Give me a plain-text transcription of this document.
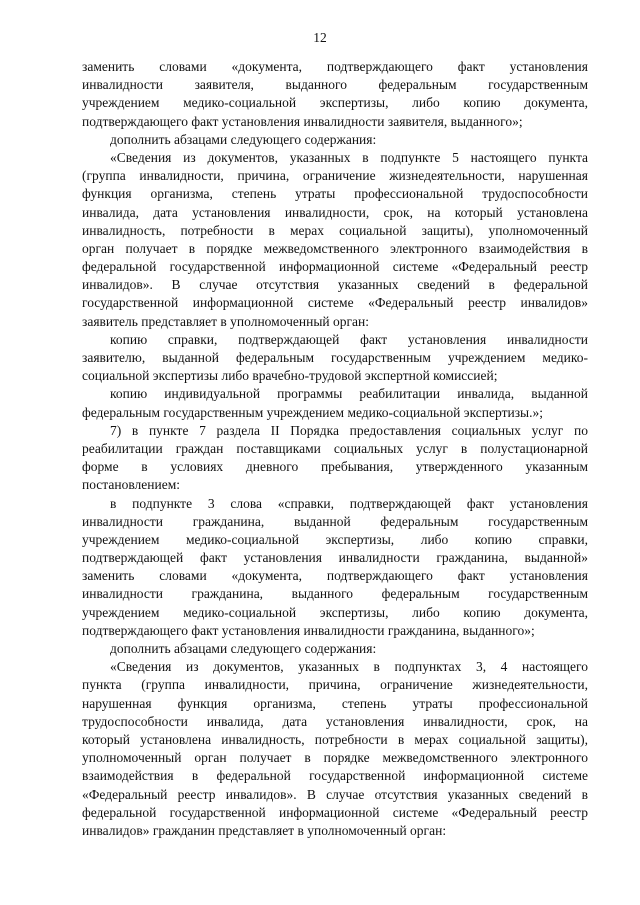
12
заменить словами «документа, подтверждающего факт установления
инвалидности заявителя, выданного федеральным государственным
учреждением медико-социальной экспертизы, либо копию документа,
подтверждающего факт установления инвалидности заявителя, выданного»;
дополнить абзацами следующего содержания:
«Сведения из документов, указанных в подпункте 5 настоящего пункта
(группа инвалидности, причина, ограничение жизнедеятельности, нарушенная
функция организма, степень утраты профессиональной трудоспособности
инвалида, дата установления инвалидности, срок, на который установлена
инвалидность, потребности в мерах социальной защиты), уполномоченный
орган получает в порядке межведомственного электронного взаимодействия в
федеральной государственной информационной системе «Федеральный реестр
инвалидов». В случае отсутствия указанных сведений в федеральной
государственной информационной системе «Федеральный реестр инвалидов»
заявитель представляет в уполномоченный орган:
копию справки, подтверждающей факт установления инвалидности
заявителю, выданной федеральным государственным учреждением медико-
социальной экспертизы либо врачебно-трудовой экспертной комиссией;
копию индивидуальной программы реабилитации инвалида, выданной
федеральным государственным учреждением медико-социальной экспертизы.»;
7) в пункте 7 раздела II Порядка предоставления социальных услуг по
реабилитации граждан поставщиками социальных услуг в полустационарной
форме в условиях дневного пребывания, утвержденного указанным
постановлением:
в подпункте 3 слова «справки, подтверждающей факт установления
инвалидности гражданина, выданной федеральным государственным
учреждением медико-социальной экспертизы, либо копию справки,
подтверждающей факт установления инвалидности гражданина, выданной»
заменить словами «документа, подтверждающего факт установления
инвалидности гражданина, выданного федеральным государственным
учреждением медико-социальной экспертизы, либо копию документа,
подтверждающего факт установления инвалидности гражданина, выданного»;
дополнить абзацами следующего содержания:
«Сведения из документов, указанных в подпунктах 3, 4 настоящего
пункта (группа инвалидности, причина, ограничение жизнедеятельности,
нарушенная функция организма, степень утраты профессиональной
трудоспособности инвалида, дата установления инвалидности, срок, на
который установлена инвалидность, потребности в мерах социальной защиты),
уполномоченный орган получает в порядке межведомственного электронного
взаимодействия в федеральной государственной информационной системе
«Федеральный реестр инвалидов». В случае отсутствия указанных сведений в
федеральной государственной информационной системе «Федеральный реестр
инвалидов» гражданин представляет в уполномоченный орган:
